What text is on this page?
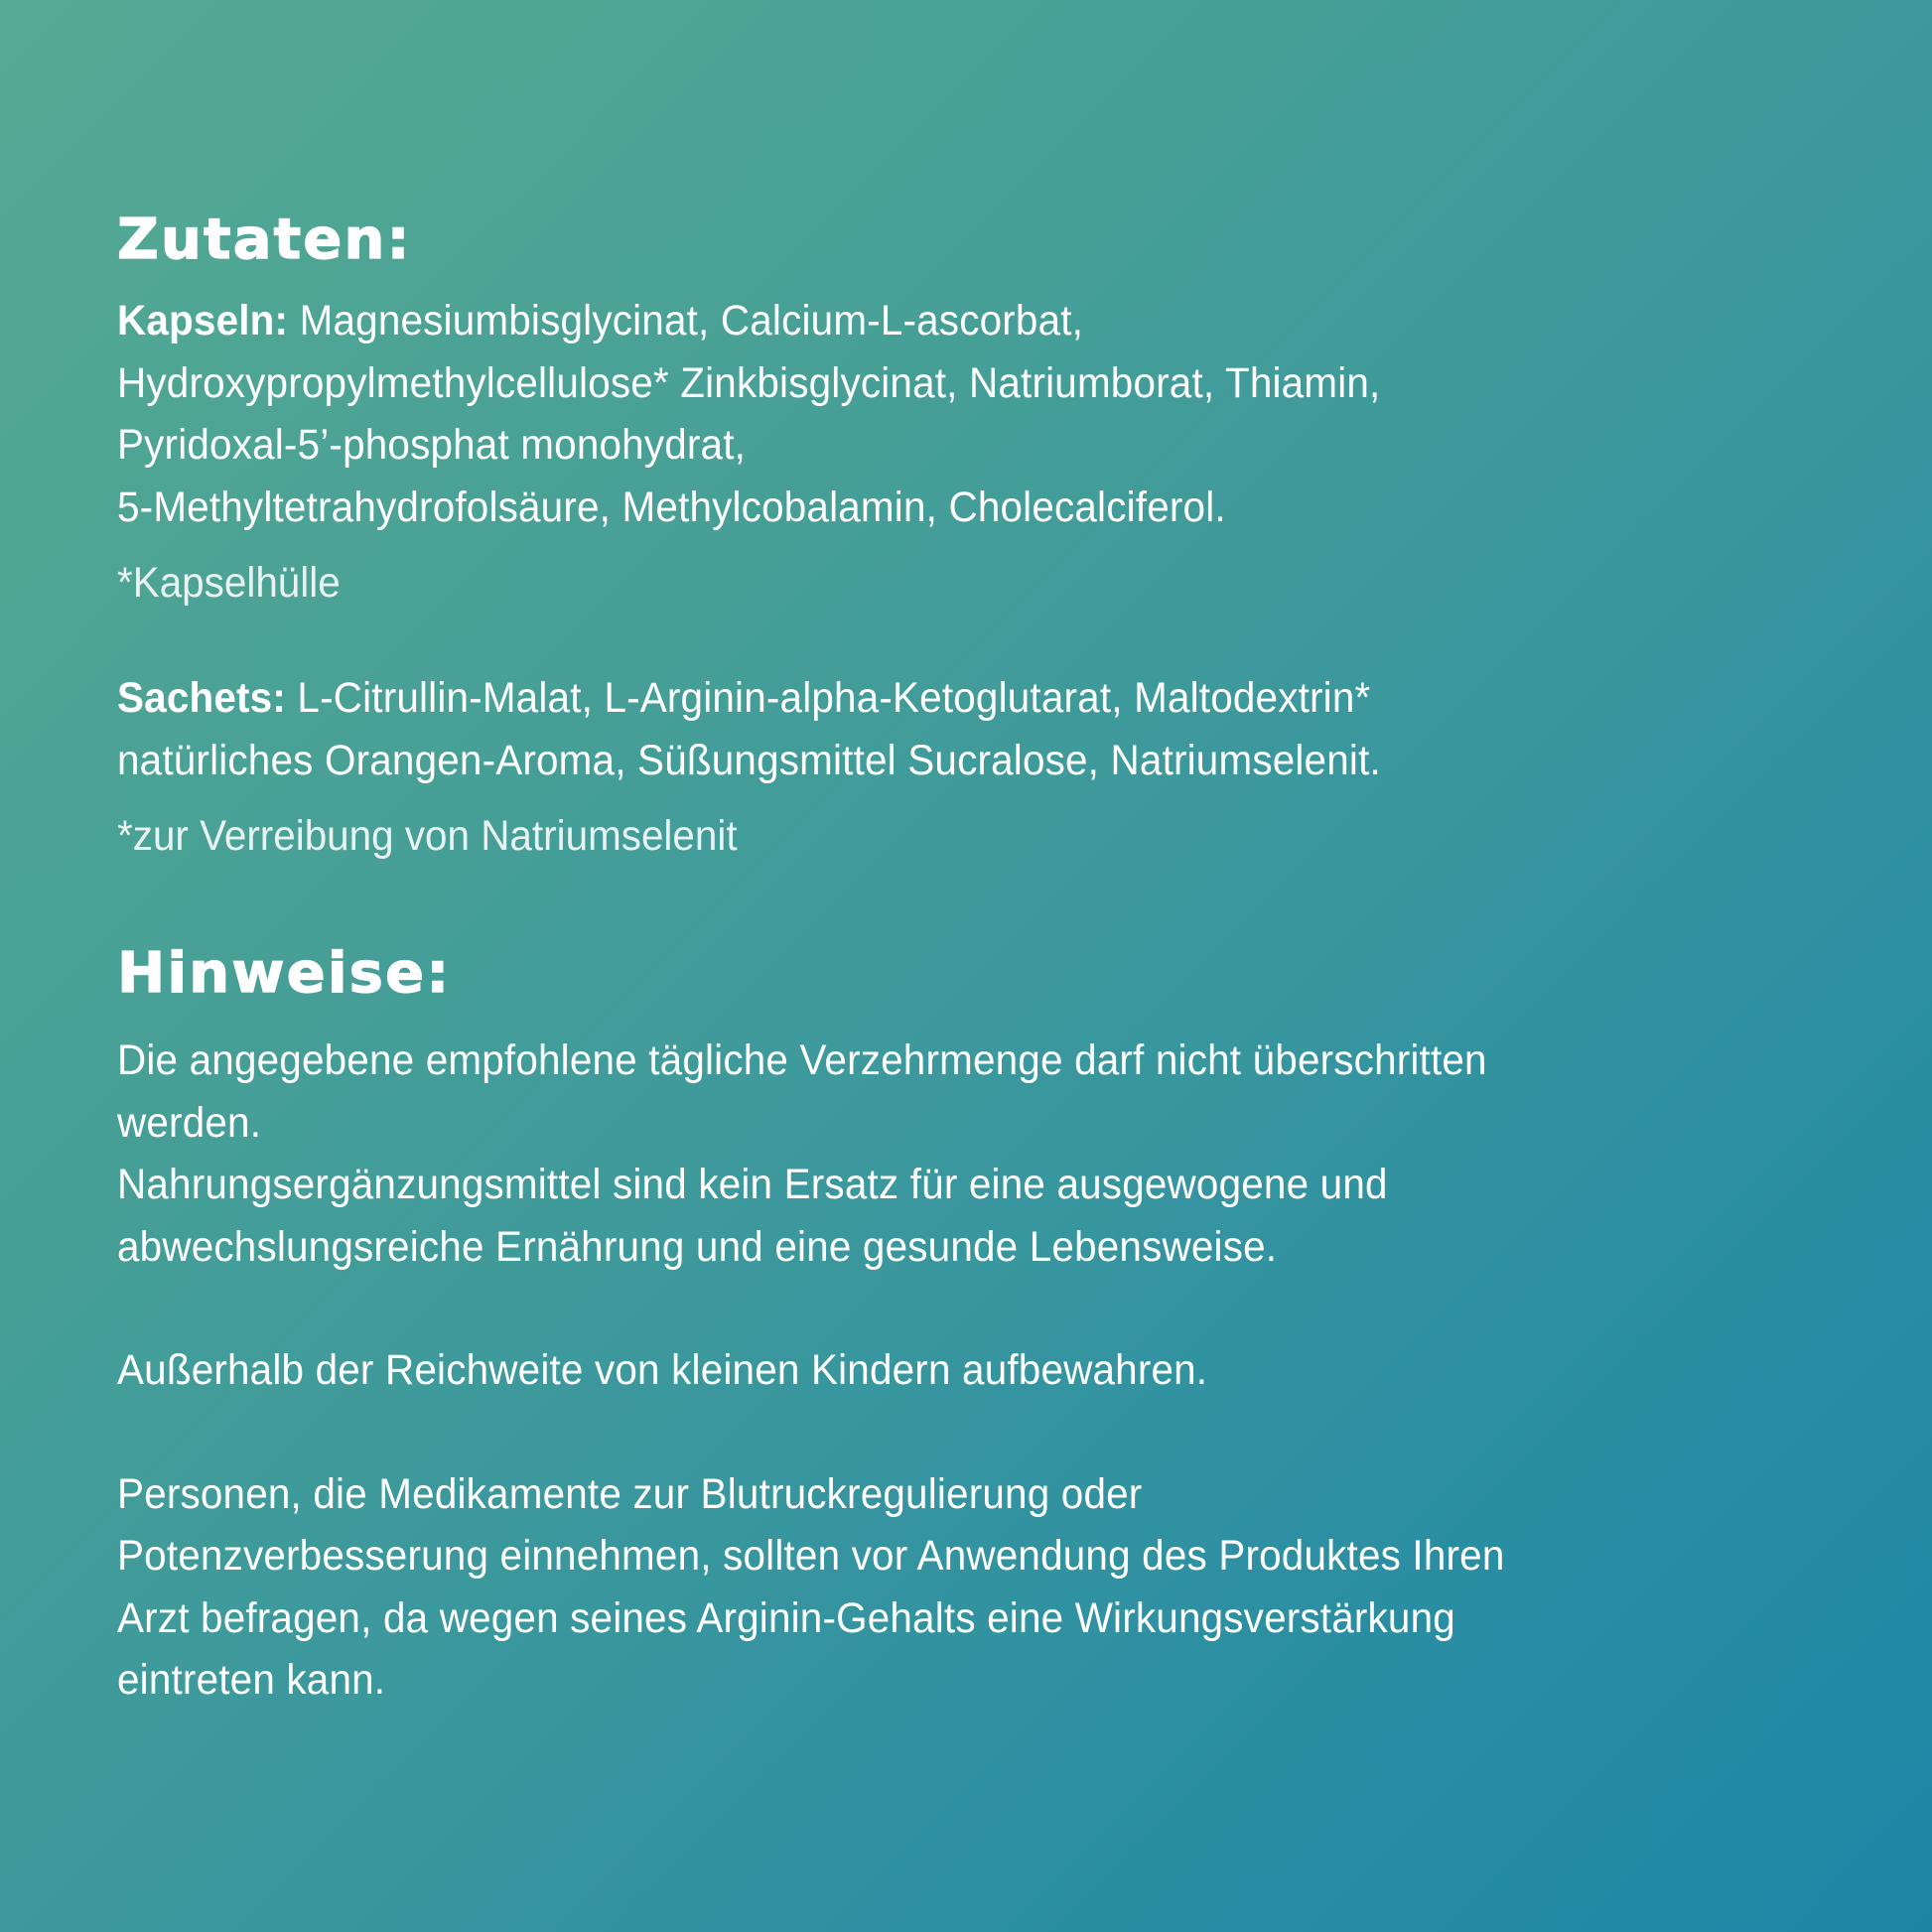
Zutaten:
Kapseln: Magnesiumbisglycinat, Calcium-L-ascorbat,
Hydroxypropylmethylcellulose* Zinkbisglycinat, Natriumborat, Thiamin,
Pyridoxal-5’-phosphat monohydrat,
5-Methyltetrahydrofolsäure, Methylcobalamin, Cholecalciferol.

*Kapselhülle

Sachets: L-Citrullin-Malat, L-Arginin-alpha-Ketoglutarat, Maltodextrin*
natürliches Orangen-Aroma, Süßungsmittel Sucralose, Natriumselenit.

*zur Verreibung von Natriumselenit

Hinweise:
Die angegebene empfohlene tägliche Verzehrmenge darf nicht überschritten
werden.
Nahrungsergänzungsmittel sind kein Ersatz für eine ausgewogene und
abwechslungsreiche Ernährung und eine gesunde Lebensweise.
Außerhalb der Reichweite von kleinen Kindern aufbewahren.
Personen, die Medikamente zur Blutruckregulierung oder
Potenzverbesserung einnehmen, sollten vor Anwendung des Produktes Ihren
Arzt befragen, da wegen seines Arginin-Gehalts eine Wirkungsverstärkung
eintreten kann.
